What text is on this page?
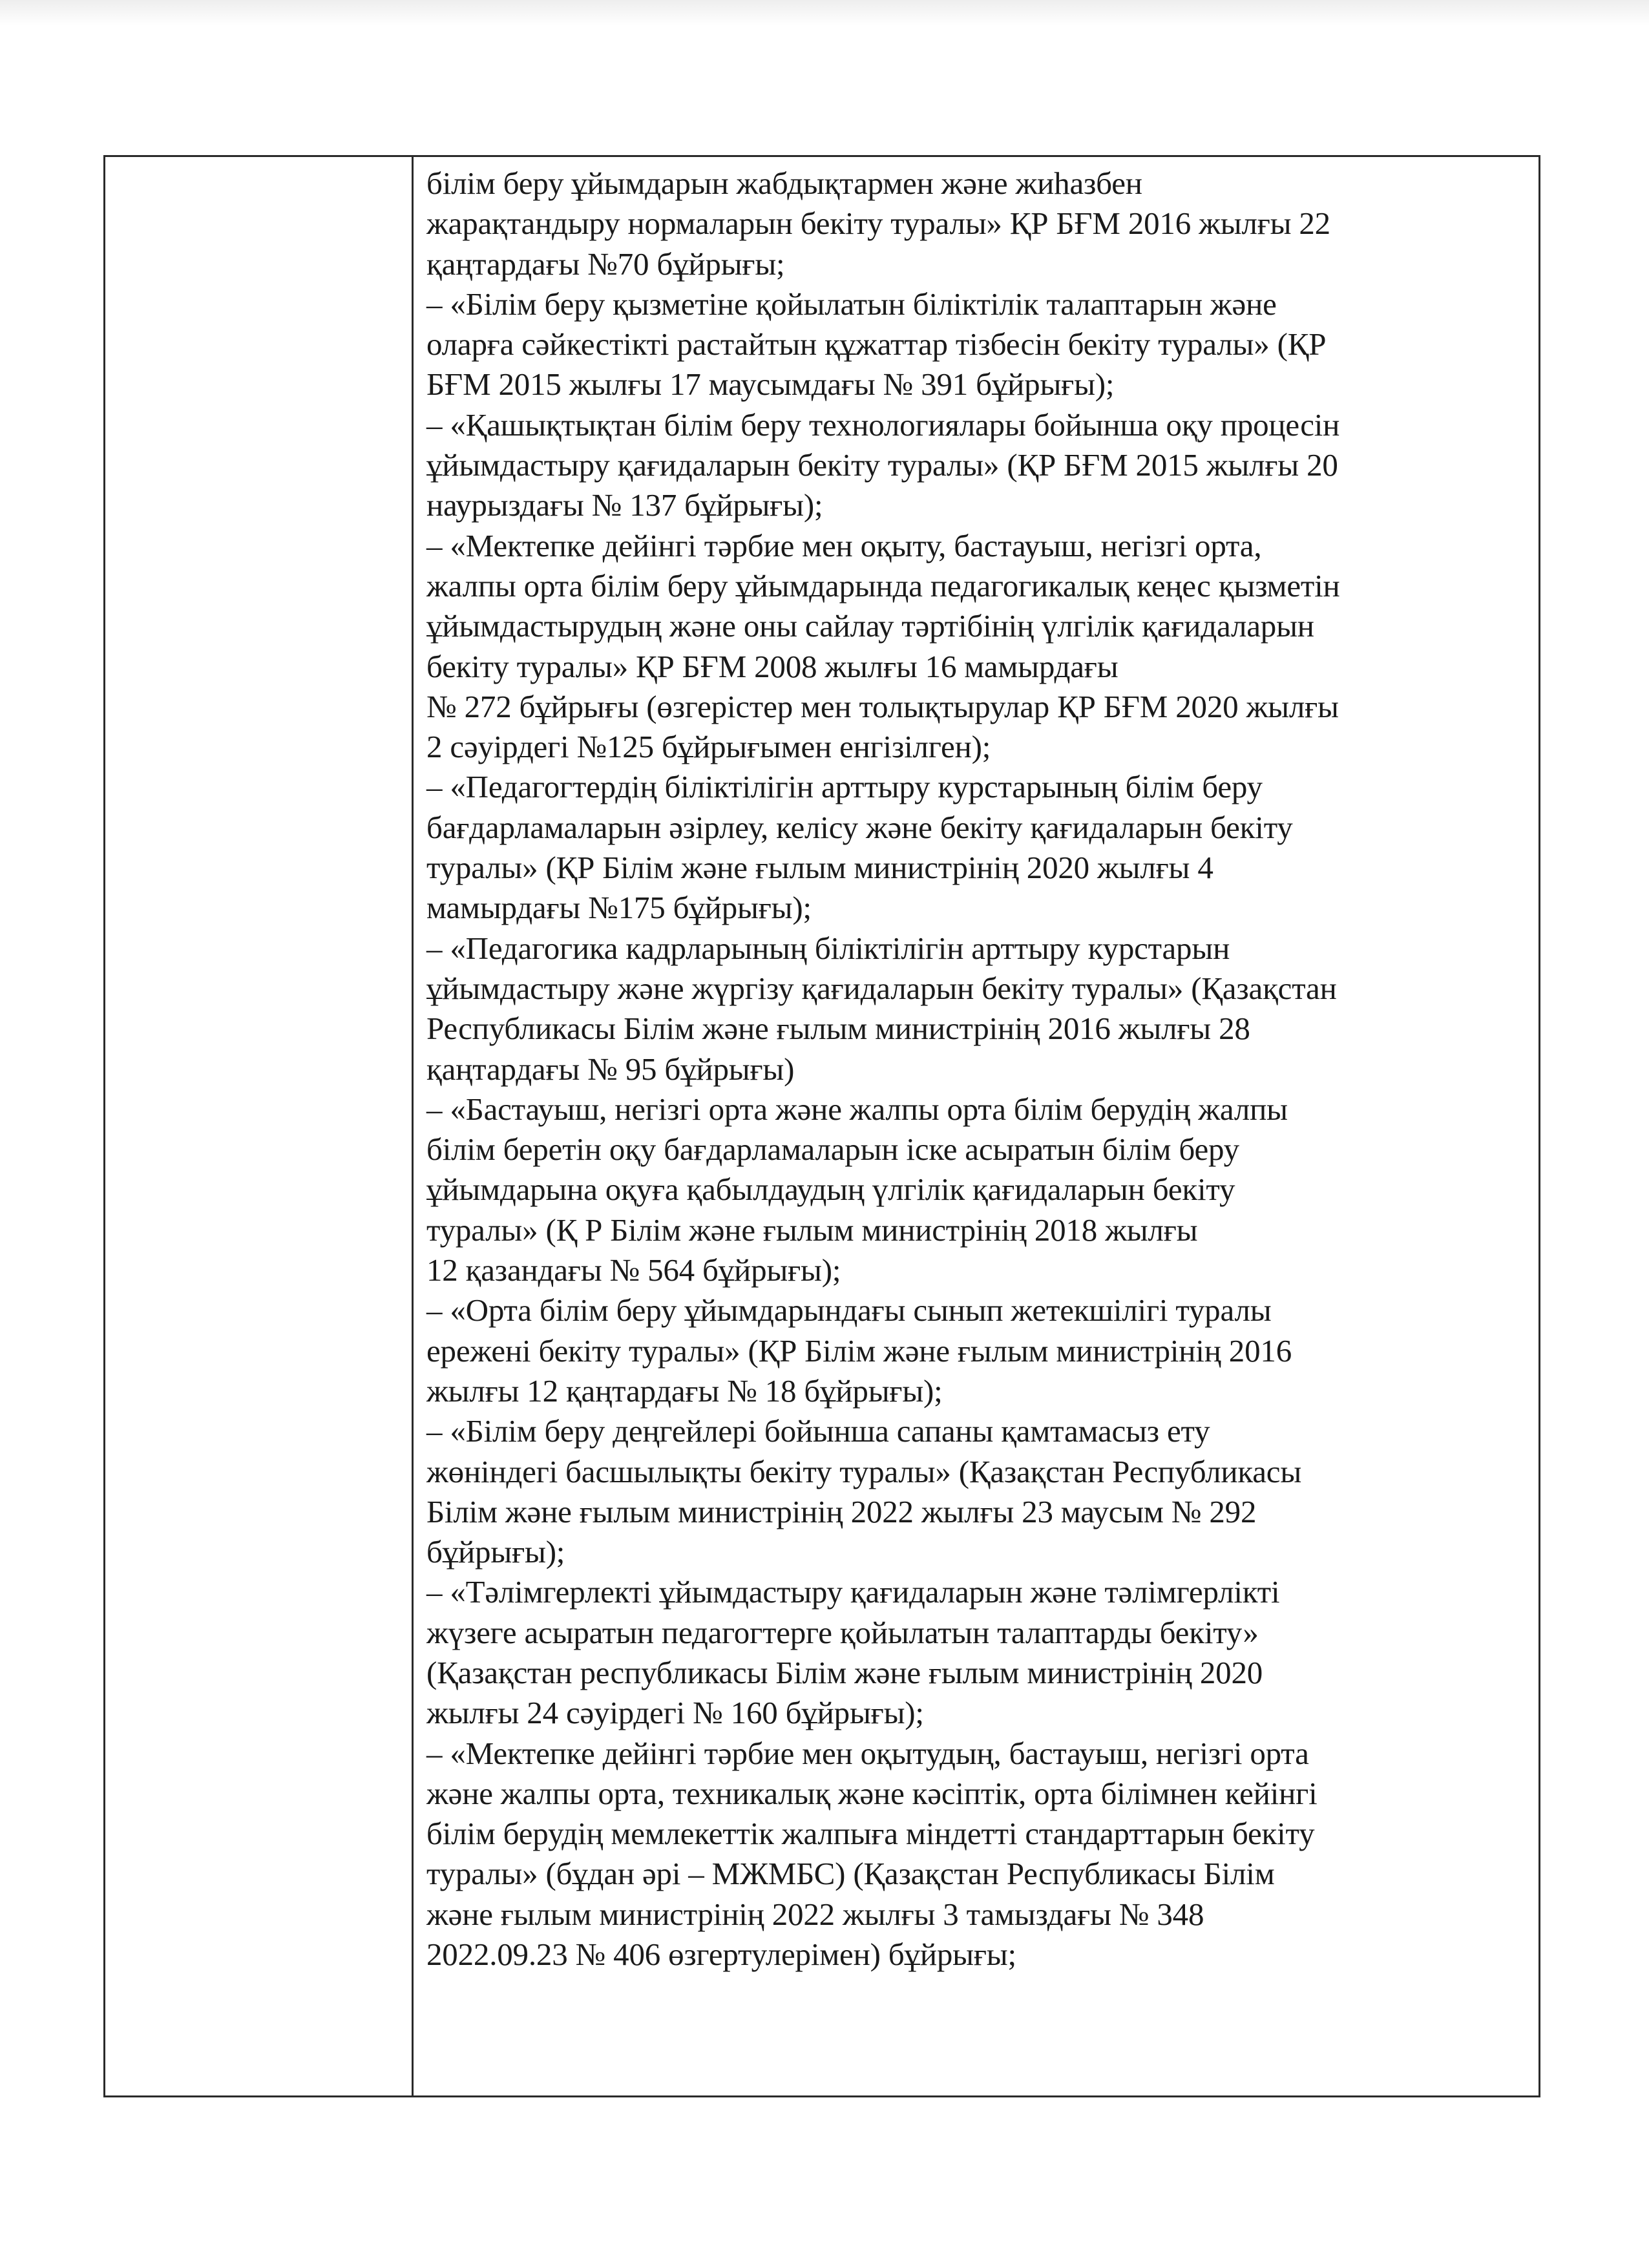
білім беру ұйымдарын жабдықтармен және жиһазбен
жарақтандыру нормаларын бекіту туралы» ҚР БҒМ 2016 жылғы 22
қаңтардағы №70 бұйрығы;
– «Білім беру қызметіне қойылатын біліктілік талаптарын және
оларға сәйкестікті растайтын құжаттар тізбесін бекіту туралы» (ҚР
БҒМ 2015 жылғы 17 маусымдағы № 391 бұйрығы);
– «Қашықтықтан білім беру технологиялары бойынша оқу процесін
ұйымдастыру қағидаларын бекіту туралы» (ҚР БҒМ 2015 жылғы 20
наурыздағы № 137 бұйрығы);
– «Мектепке дейінгі тәрбие мен оқыту, бастауыш, негізгі орта,
жалпы орта білім беру ұйымдарында педагогикалық кеңес қызметін
ұйымдастырудың және оны сайлау тәртібінің үлгілік қағидаларын
бекіту туралы» ҚР БҒМ 2008 жылғы 16 мамырдағы
№ 272 бұйрығы (өзгерістер мен толықтырулар ҚР БҒМ 2020 жылғы
2 сәуірдегі №125 бұйрығымен енгізілген);
– «Педагогтердің біліктілігін арттыру курстарының білім беру
бағдарламаларын әзірлеу, келісу және бекіту қағидаларын бекіту
туралы» (ҚР Білім және ғылым министрінің 2020 жылғы 4
мамырдағы №175 бұйрығы);
– «Педагогика кадрларының біліктілігін арттыру курстарын
ұйымдастыру және жүргізу қағидаларын бекіту туралы» (Қазақстан
Республикасы Білім және ғылым министрінің 2016 жылғы 28
қаңтардағы № 95 бұйрығы)
– «Бастауыш, негізгі орта және жалпы орта білім берудің жалпы
білім беретін оқу бағдарламаларын іске асыратын білім беру
ұйымдарына оқуға қабылдаудың үлгілік қағидаларын бекіту
туралы» (Қ Р Білім және ғылым министрінің 2018 жылғы
12 қазандағы № 564 бұйрығы);
– «Орта білім беру ұйымдарындағы сынып жетекшілігі туралы
ережені бекіту туралы» (ҚР Білім және ғылым министрінің 2016
жылғы 12 қаңтардағы № 18 бұйрығы);
– «Білім беру деңгейлері бойынша сапаны қамтамасыз ету
жөніндегі басшылықты бекіту туралы» (Қазақстан Республикасы
Білім және ғылым министрінің 2022 жылғы 23 маусым № 292
бұйрығы);
– «Тәлімгерлекті ұйымдастыру қағидаларын және тәлімгерлікті
жүзеге асыратын педагогтерге қойылатын талаптарды бекіту»
(Қазақстан республикасы Білім және ғылым министрінің 2020
жылғы 24 сәуірдегі № 160 бұйрығы);
– «Мектепке дейінгі тәрбие мен оқытудың, бастауыш, негізгі орта
және жалпы орта, техникалық және кәсіптік, орта білімнен кейінгі
білім берудің мемлекеттік жалпыға міндетті стандарттарын бекіту
туралы» (бұдан әрі – МЖМБС) (Қазақстан Республикасы Білім
және ғылым министрінің 2022 жылғы 3 тамыздағы № 348
2022.09.23 № 406 өзгертулерімен) бұйрығы;
